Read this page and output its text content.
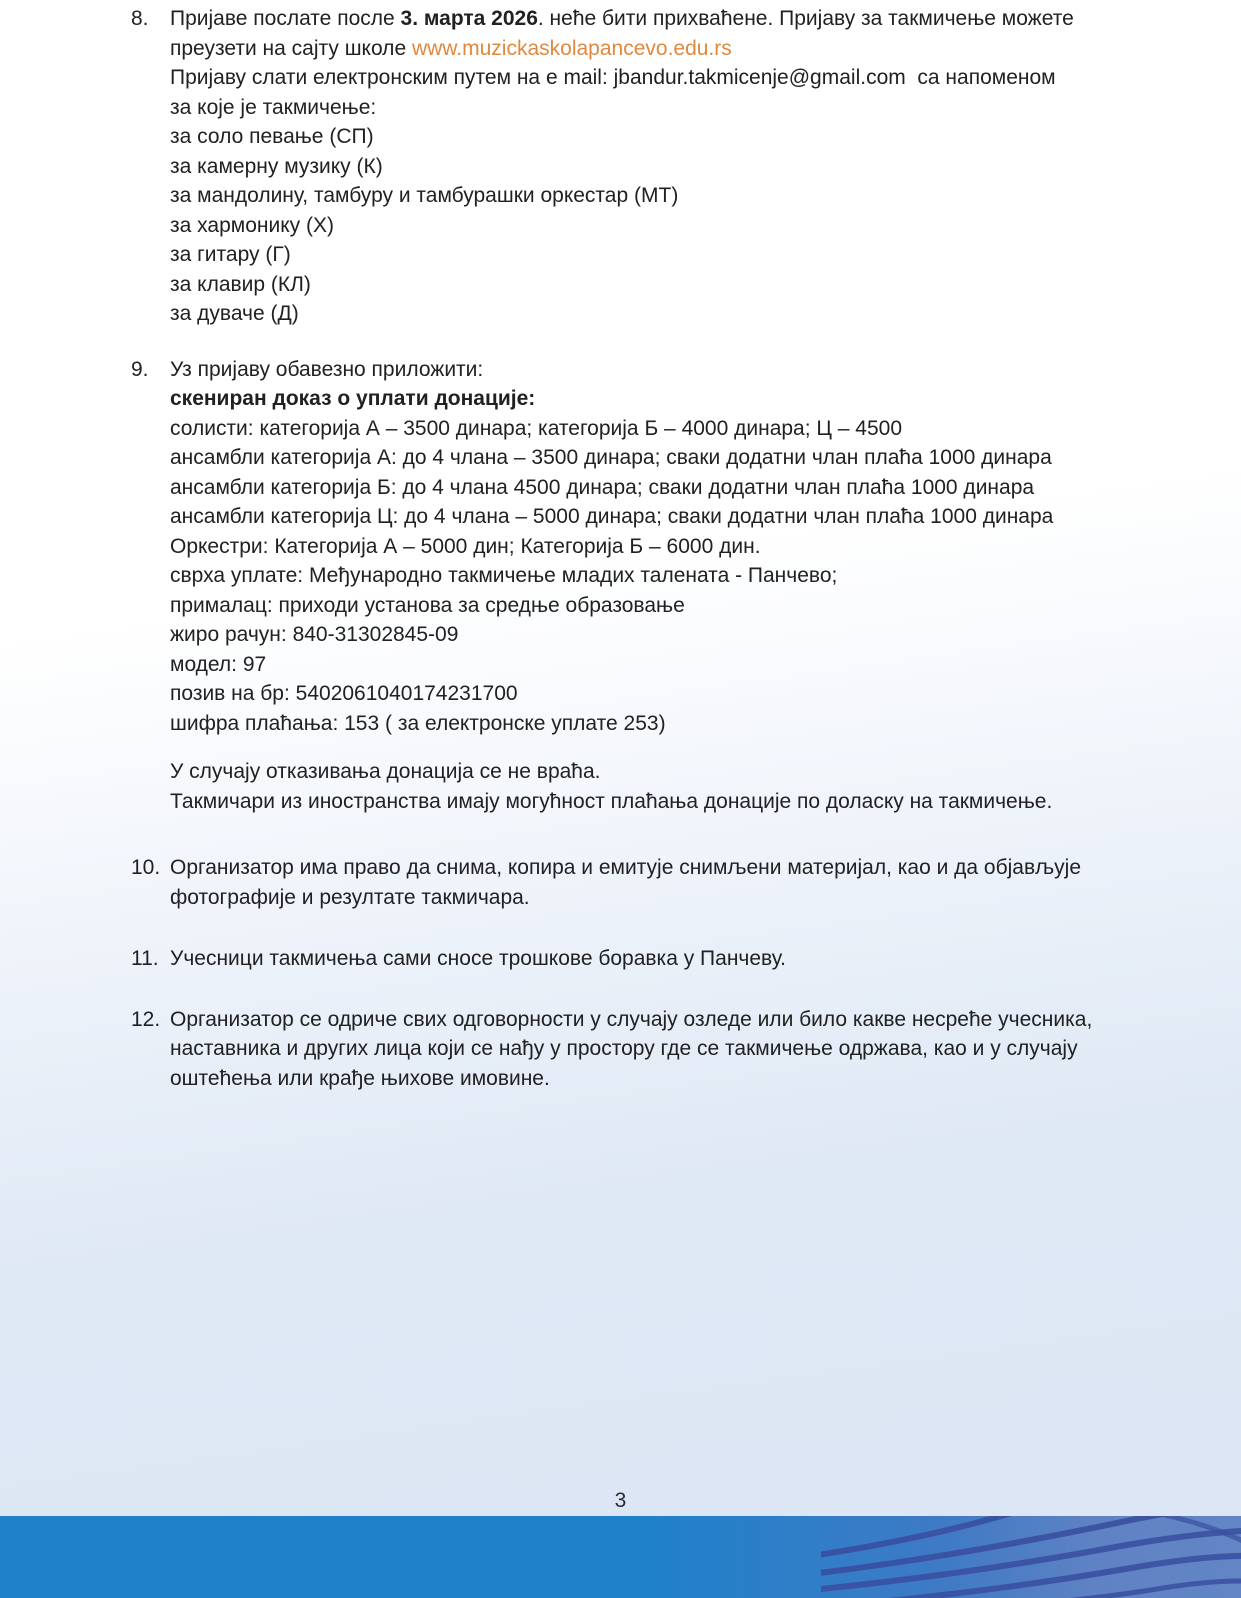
8.	Пријаве послате после 3. марта 2026. неће бити прихваћене. Пријаву за такмичење можете
преузети на сајту школе www.muzickaskolapancevo.edu.rs
Пријаву слати електронским путем на е mail: jbandur.takmicenje@gmail.com  са напоменом
за које је такмичење:
за соло певање (СП)
за камерну музику (К)
за мандолину, тамбуру и тамбурашки оркестар (МТ)
за хармонику (Х)
за гитару (Г)
за клавир (КЛ)
за дуваче (Д)
9.	Уз пријаву обавезно приложити:
скениран доказ о уплати донације:
солисти: категорија А – 3500 динара; категорија Б – 4000 динара; Ц – 4500
ансамбли категорија А: до 4 члана – 3500 динара; сваки додатни члан плаћа 1000 динара
ансамбли категорија Б: до 4 члана 4500 динара; сваки додатни члан плаћа 1000 динара
ансамбли категорија Ц: до 4 члана – 5000 динара; сваки додатни члан плаћа 1000 динара
Оркестри: Категорија А – 5000 дин; Категорија Б – 6000 дин.
сврха уплате: Међународно такмичење младих талената - Панчево;
прималац: приходи установа за средње образовање
жиро рачун: 840-31302845-09
модел: 97
позив на бр: 5402061040174231700
шифра плаћања: 153 ( за електронске уплате 253)
У случају отказивања донација се не враћа.
Такмичари из иностранства имају могућност плаћања донације по доласку на такмичење.
10. Организатор има право да снима, копира и емитује снимљени материјал, као и да објављује фотографије и резултате такмичара.
11. Учесници такмичења сами сносе трошкове боравка у Панчеву.
12. Организатор се одриче свих одговорности у случају озледе или било какве несреће учесника, наставника и других лица који се нађу у простору где се такмичење одржава, као и у случају оштећења или крађе њихове имовине.
3
